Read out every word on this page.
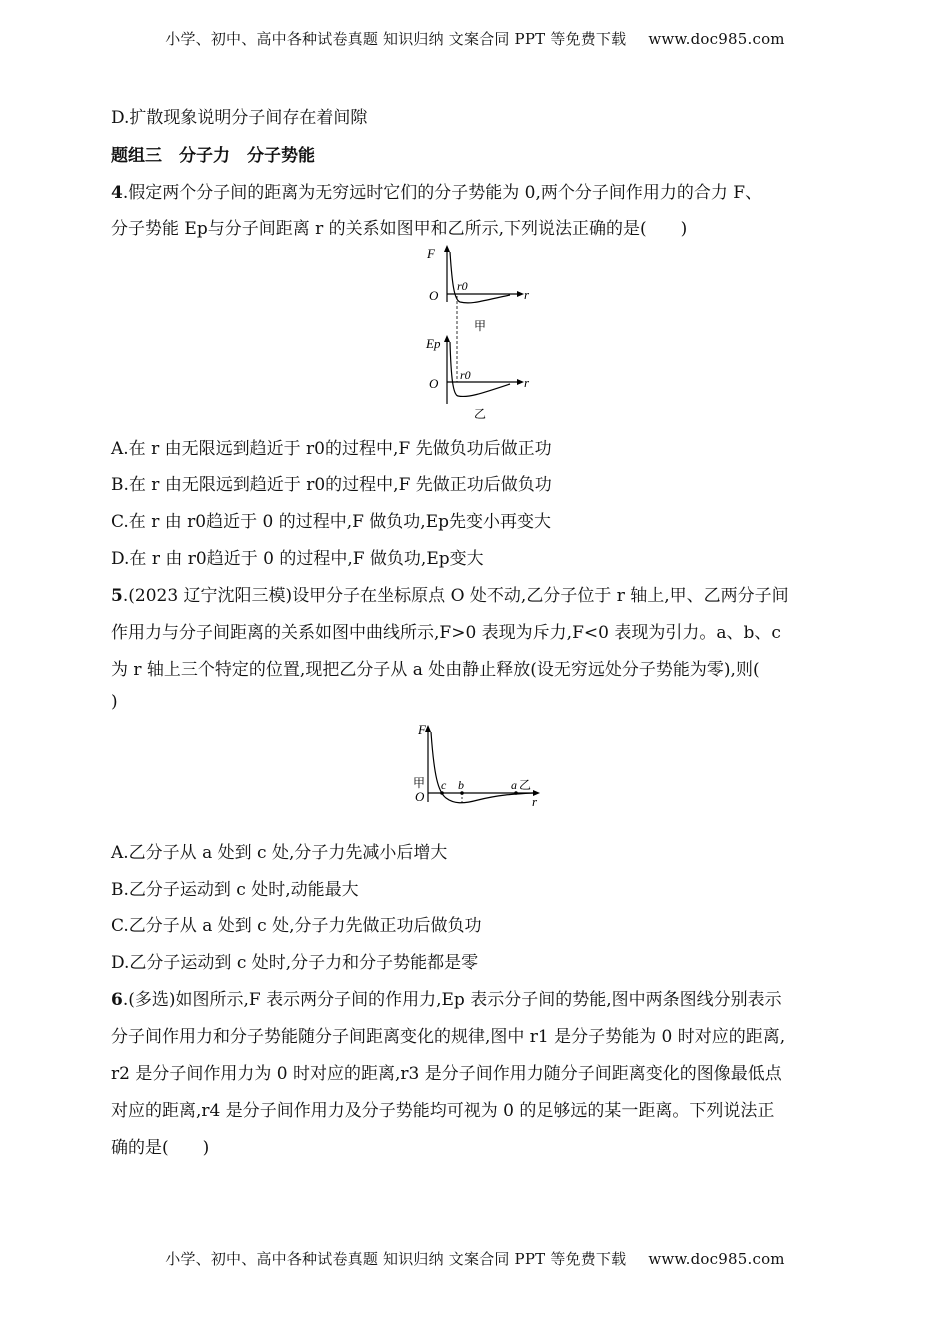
小学、初中、高中各种试卷真题 知识归纳 文案合同 PPT 等免费下载 www.doc985.com
D.扩散现象说明分子间存在着间隙
题组三　分子力　分子势能
4.假定两个分子间的距离为无穷远时它们的分子势能为 0,两个分子间作用力的合力 F、
分子势能 Ep与分子间距离 r 的关系如图甲和乙所示,下列说法正确的是(　　)
F
O
r0
r
甲
Ep
O
r0	r
乙
A.在 r 由无限远到趋近于 r0的过程中,F 先做负功后做正功
B.在 r 由无限远到趋近于 r0的过程中,F 先做正功后做负功
C.在 r 由 r0趋近于 0 的过程中,F 做负功,Ep先变小再变大
D.在 r 由 r0趋近于 0 的过程中,F 做负功,Ep变大
5.(2023 辽宁沈阳三模)设甲分子在坐标原点 O 处不动,乙分子位于 r 轴上,甲、乙两分子间
作用力与分子间距离的关系如图中曲线所示,F>0 表现为斥力,F<0 表现为引力。a、b、c
为 r 轴上三个特定的位置,现把乙分子从 a 处由静止释放(设无穷远处分子势能为零),则(
)
F
甲
O
c b	a 乙
r
A.乙分子从 a 处到 c 处,分子力先减小后增大
B.乙分子运动到 c 处时,动能最大
C.乙分子从 a 处到 c 处,分子力先做正功后做负功
D.乙分子运动到 c 处时,分子力和分子势能都是零
6.(多选)如图所示,F 表示两分子间的作用力,Ep 表示分子间的势能,图中两条图线分别表示
分子间作用力和分子势能随分子间距离变化的规律,图中 r1 是分子势能为 0 时对应的距离,
r2 是分子间作用力为 0 时对应的距离,r3 是分子间作用力随分子间距离变化的图像最低点
对应的距离,r4 是分子间作用力及分子势能均可视为 0 的足够远的某一距离。下列说法正
确的是(　　)
小学、初中、高中各种试卷真题 知识归纳 文案合同 PPT 等免费下载 www.doc985.com
